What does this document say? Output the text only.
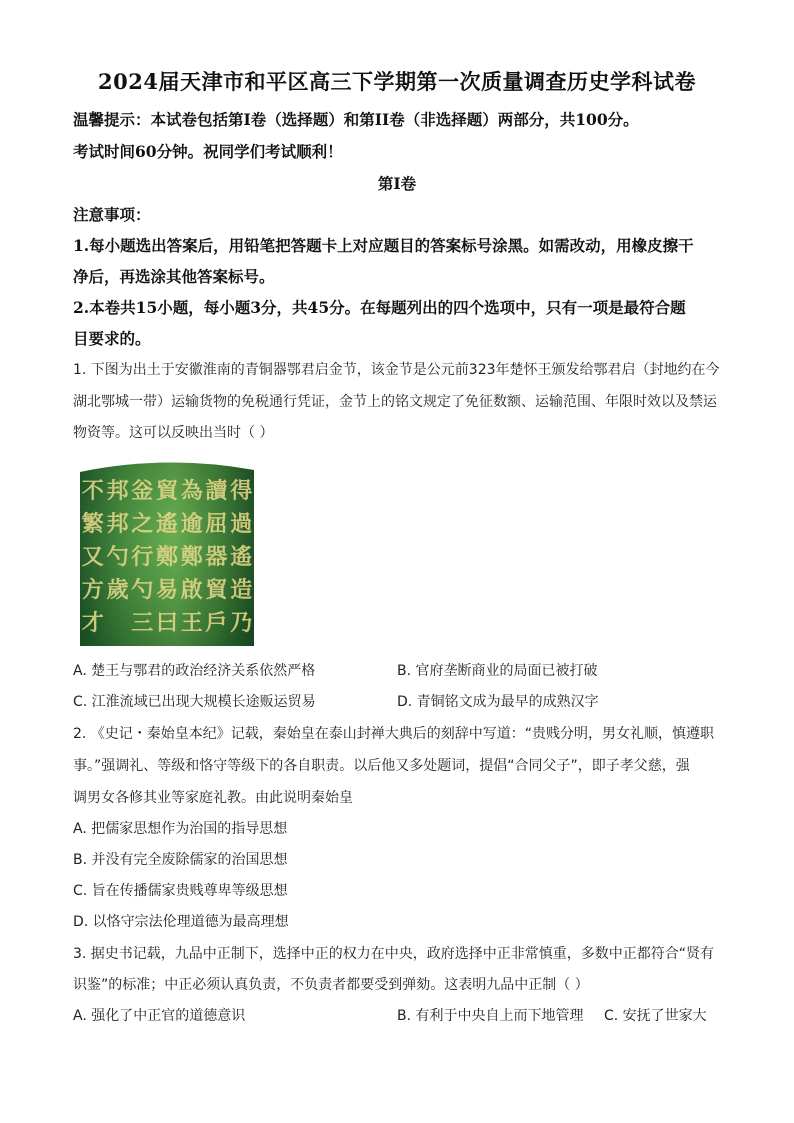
2024届天津市和平区高三下学期第一次质量调查历史学科试卷
温馨提示：本试卷包括第Ⅰ卷（选择题）和第II卷（非选择题）两部分，共100分。
考试时间60分钟。祝同学们考试顺利！
第Ⅰ卷
注意事项：
1.每小题选出答案后，用铅笔把答题卡上对应题目的答案标号涂黑。如需改动，用橡皮擦干
净后，再选涂其他答案标号。
2.本卷共15小题，每小题3分，共45分。在每题列出的四个选项中，只有一项是最符合题
目要求的。
1. 下图为出土于安徽淮南的青铜器鄂君启金节，该金节是公元前323年楚怀王颁发给鄂君启（封地约在今
湖北鄂城一带）运输货物的免税通行凭证，金节上的铭文规定了免征数额、运输范围、年限时效以及禁运
物资等。这可以反映出当时（ ）
得
過
遙
造
乃
讀
屈
器
貿
戶
為
逾
鄭
啟
王
貿
遙
鄭
易
曰
釡
之
行
勺
三
邦
邦
勺
歲
不
繁
又
方
才
A. 楚王与鄂君的政治经济关系依然严格	B. 官府垄断商业的局面已被打破
C. 江淮流域已出现大规模长途贩运贸易	D. 青铜铭文成为最早的成熟汉字
2. 《史记・秦始皇本纪》记载，秦始皇在泰山封禅大典后的刻辞中写道：“贵贱分明，男女礼顺，慎遵职
事。”强调礼、等级和恪守等级下的各自职责。以后他又多处题词，提倡“合同父子”，即子孝父慈，强
调男女各修其业等家庭礼教。由此说明秦始皇
A. 把儒家思想作为治国的指导思想
B. 并没有完全废除儒家的治国思想
C. 旨在传播儒家贵贱尊卑等级思想
D. 以恪守宗法伦理道德为最高理想
3. 据史书记载，九品中正制下，选择中正的权力在中央，政府选择中正非常慎重，多数中正都符合“贤有
识鉴”的标准；中正必须认真负责，不负责者都要受到弹劾。这表明九品中正制（ ）
A. 强化了中正官的道德意识	B. 有利于中央自上而下地管理 C. 安抚了世家大
